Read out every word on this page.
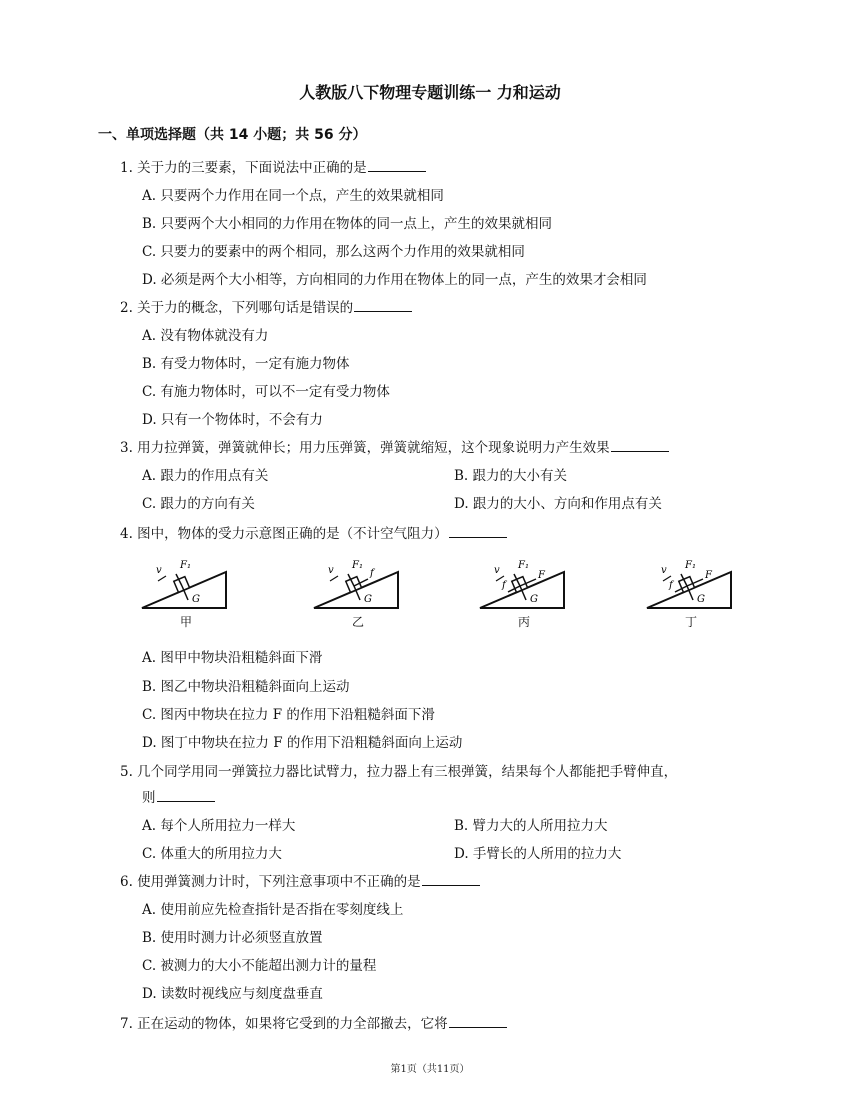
人教版八下物理专题训练一 力和运动
一、单项选择题（共 14 小题；共 56 分）
1. 关于力的三要素，下面说法中正确的是
A. 只要两个力作用在同一个点，产生的效果就相同
B. 只要两个大小相同的力作用在物体的同一点上，产生的效果就相同
C. 只要力的要素中的两个相同，那么这两个力作用的效果就相同
D. 必须是两个大小相等，方向相同的力作用在物体上的同一点，产生的效果才会相同
2. 关于力的概念，下列哪句话是错误的
A. 没有物体就没有力
B. 有受力物体时，一定有施力物体
C. 有施力物体时，可以不一定有受力物体
D. 只有一个物体时，不会有力
3. 用力拉弹簧，弹簧就伸长；用力压弹簧，弹簧就缩短，这个现象说明力产生效果
A. 跟力的作用点有关	B. 跟力的大小有关
C. 跟力的方向有关	D. 跟力的大小、方向和作用点有关
4. 图中，物体的受力示意图正确的是（不计空气阻力）
v F₁
G
甲
v F₁
f
G
乙
v F₁
F
f
G
丙
v F₁
F
f
G
丁
A. 图甲中物块沿粗糙斜面下滑
B. 图乙中物块沿粗糙斜面向上运动
C. 图丙中物块在拉力 F 的作用下沿粗糙斜面下滑
D. 图丁中物块在拉力 F 的作用下沿粗糙斜面向上运动
5. 几个同学用同一弹簧拉力器比试臂力，拉力器上有三根弹簧，结果每个人都能把手臂伸直，
则
A. 每个人所用拉力一样大	B. 臂力大的人所用拉力大
C. 体重大的所用拉力大	D. 手臂长的人所用的拉力大
6. 使用弹簧测力计时，下列注意事项中不正确的是
A. 使用前应先检查指针是否指在零刻度线上
B. 使用时测力计必须竖直放置
C. 被测力的大小不能超出测力计的量程
D. 读数时视线应与刻度盘垂直
7. 正在运动的物体，如果将它受到的力全部撤去，它将
第1页（共11页）
